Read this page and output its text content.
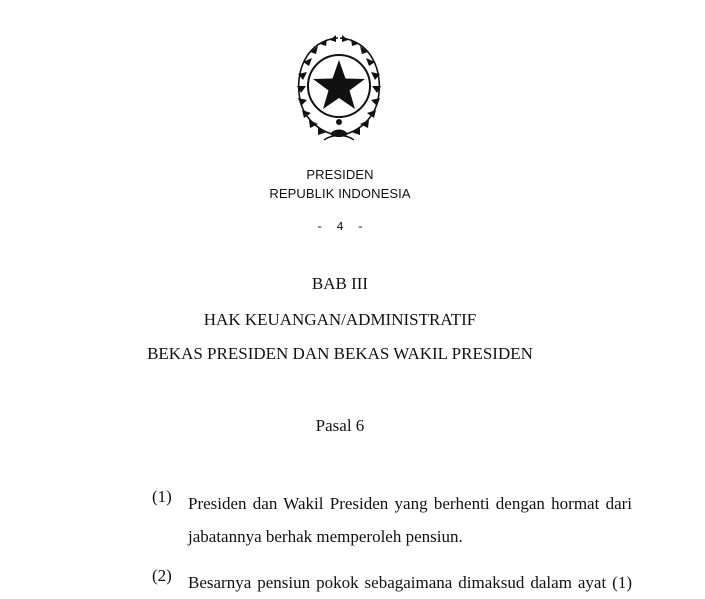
PRESIDEN
REPUBLIK INDONESIA
- 4 -
BAB III
HAK KEUANGAN/ADMINISTRATIF
BEKAS PRESIDEN DAN BEKAS WAKIL PRESIDEN
Pasal 6
(1) Presiden dan Wakil Presiden yang berhenti dengan hormat dari
jabatannya berhak memperoleh pensiun.
(2) Besarnya pensiun pokok sebagaimana dimaksud dalam ayat (1)
